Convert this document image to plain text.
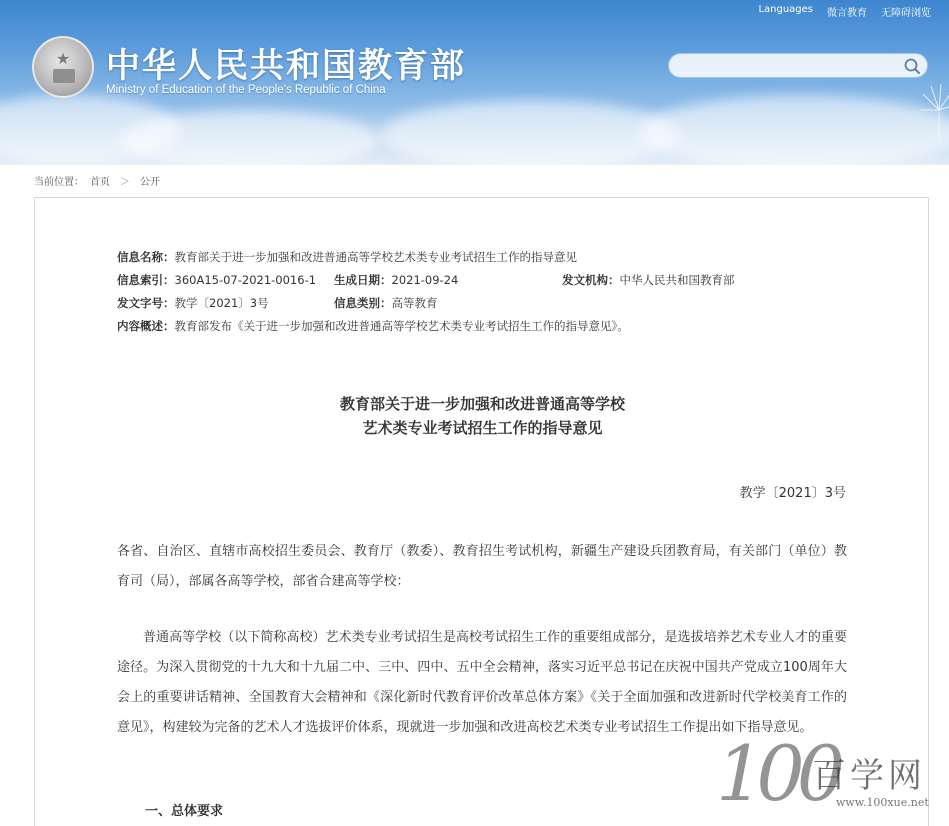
Languages 微言教育 无障碍浏览
★ 中华人民共和国教育部
Ministry of Education of the People's Republic of China
当前位置： 首页 ＞ 公开
信息名称：教育部关于进一步加强和改进普通高等学校艺术类专业考试招生工作的指导意见
信息索引：360A15-07-2021-0016-1 生成日期：2021-09-24	发文机构：中华人民共和国教育部
发文字号：教学〔2021〕3号	信息类别：高等教育
内容概述：教育部发布《关于进一步加强和改进普通高等学校艺术类专业考试招生工作的指导意见》。
教育部关于进一步加强和改进普通高等学校
艺术类专业考试招生工作的指导意见
教学〔2021〕3号
各省、自治区、直辖市高校招生委员会、教育厅（教委）、教育招生考试机构，新疆生产建设兵团教育局，有关部门（单位）教育司（局），部属各高等学校，部省合建高等学校：
普通高等学校（以下简称高校）艺术类专业考试招生是高校考试招生工作的重要组成部分，是选拔培养艺术专业人才的重要途径。为深入贯彻党的十九大和十九届二中、三中、四中、五中全会精神，落实习近平总书记在庆祝中国共产党成立100周年大会上的重要讲话精神、全国教育大会精神和《深化新时代教育评价改革总体方案》《关于全面加强和改进新时代学校美育工作的意见》，构建较为完备的艺术人才选拔评价体系，现就进一步加强和改进高校艺术类专业考试招生工作提出如下指导意见。
一、总体要求	100
百学网
www.100xue.net
